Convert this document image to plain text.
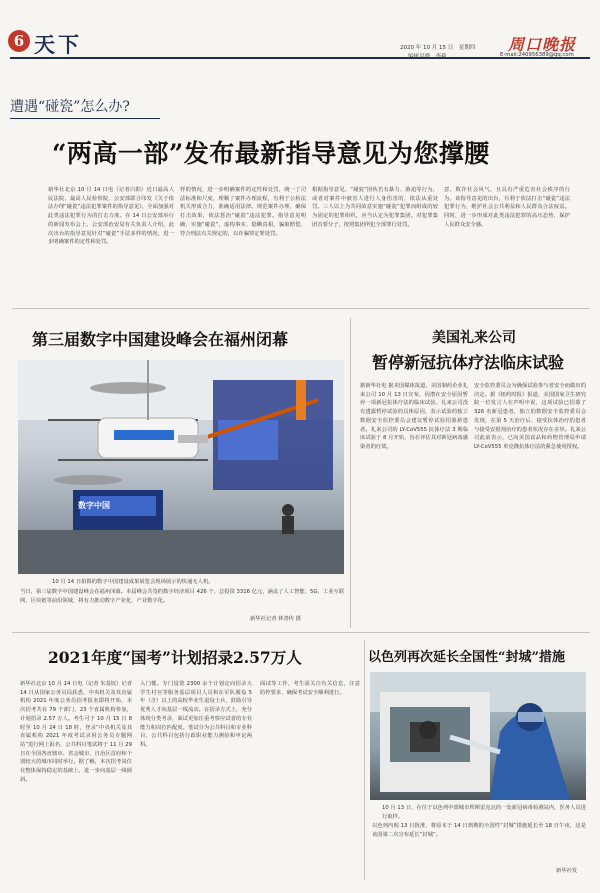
6 天下	2020 年 10 月 15 日　星期四
编辑吴晓　李莉
周口晚报
E-mail:240956389@qq.com
遭遇“碰瓷”怎么办?
“两高一部”发布最新指导意见为您撑腰
新华社北京 10 月 14 日电（记者白阳）近日最高人民法院、最高人民检察院、公安部联合印发《关于依法办理“碰瓷”违法犯罪案件的指导意见》，全面加强对此类违法犯罪行为的打击力度。在 14 日公安部举行的新闻发布会上，公安部治安局有关负责人介绍，此次出台的指导意见针对“碰瓷”手法多样的情况，进一步明确案件的定性和处罚。
样的情况，进一步明确案件的定性和处罚，统一了司法标准和尺度，理顺了案件办理流程，有利于公检法机关形成合力，准确适用法律。规范案件办理，确保打击效果，依法惩治“碰瓷”违法犯罪。指导意见明确，实施“碰瓷”，虚构事实、隐瞒真相，骗取赔偿，符合刑法有关规定的，以诈骗罪定罪处罚。
根据指导意见，“碰瓷”团伙若有暴力、胁迫等行为，或者对案件中被害人进行人身伤害的，依法从重处罚。三人以上为共同故意实施“碰瓷”犯罪而组成的较为固定的犯罪组织，应当认定为犯罪集团。对犯罪集团首要分子，按照集团所犯全部罪行处罚。
意，欺诈社会风气，且具有严重危害社会秩序的行为。该指导意见的出台，有利于依法打击“碰瓷”违法犯罪行为，维护社会公共利益和人民群众合法权益。同时，进一步形成对此类违法犯罪的高压态势，保护人民群众安全感。
第三届数字中国建设峰会在福州闭幕
数字中国
10 月 14 日拍摄的数字中国建设成果展览会现场展示的快递无人机。
当日，第三届数字中国建设峰会在福州闭幕。本届峰会共签约数字经济项目 426 个、总投资 3316 亿元，涵盖了人工智能、5G、工业互联网、区块链等前沿领域，将有力推动数字产业化、产业数字化。
新华社记者 林善传 摄
美国礼来公司
暂停新冠抗体疗法临床试验
据新华社电 据美国媒体报道，美国制药企业礼来公司 10 月 13 日宣布，因潜在安全原因暂停一项新冠抗体疗法的临床试验。礼来公司没有透露暂停试验的具体原因，表示试验的独立数据安全监控委员会建议暂停试验招募新患者。礼来公司的 LY-CoV555 抗体疗法 3 期临床试验于 8 月开始，旨在评估其对新冠病毒感染者的疗效。
安全监控委员会为确保试验参与者安全而做出的决定。据《纽约时报》报道，美国国家卫生研究院一位发言人在声明中说，这项试验已招募了 326 名新冠患者，独立的数据安全监控委员会发现，在第 5 天治疗后，接受抗体治疗的患者与接受安慰剂治疗的患者状况存在差异。礼来公司此前表示，已向美国食品和药物管理局申请 LY-CoV555 单克隆抗体疗法的紧急使用授权。
2021年度“国考”计划招录2.57万人
新华社北京 10 月 14 日电（记者 朱基钗）记者 14 日从国家公务员局获悉，中央机关及其直属机构 2021 年度公务员招考报名即将开始，本次招考共有 79 个部门、23 个直属机构参加，计划招录 2.57 万人。考生可于 10 月 15 日 8 时至 10 月 24 日 18 时，登录“中央机关及其直属机构 2021 年度考试录用公务员专题网站”进行网上报名，公共科目笔试将于 11 月 29 日在全国各直辖市、省会城市、自治区首府和个别较大的城市同时举行。据了解，本次招考岗位在整体保持稳定的基础上，进一步向基层一线倾斜。
入门槛。专门设置 2300 余个计划定向招录大学生村官等服务基层项目人员和在军队服役 5 年（含）以上的高校毕业生退役士兵，鼓励引导优秀人才向基层一线流动。在招录方式上，充分体现分类考录，面试更加注重考察应试者的专业能力和岗位匹配度。笔试分为公共科目和专业科目，公共科目包括行政职业能力测验和申论两科。
面试等工作，考生需关注有关信息，注意防控要求，确保考试安全顺利进行。
以色列再次延长全国性“封城”措施
10 月 13 日，在位于以色列中部城市埃斯雷克瓦的一处新冠病毒检测站内，医务人员进行取样。
以色列内阁 13 日批准，将原本于 14 日到期的全国性“封城”措施延长至 18 日午夜，这是该国第二次宣布延长“封城”。
新华社发
